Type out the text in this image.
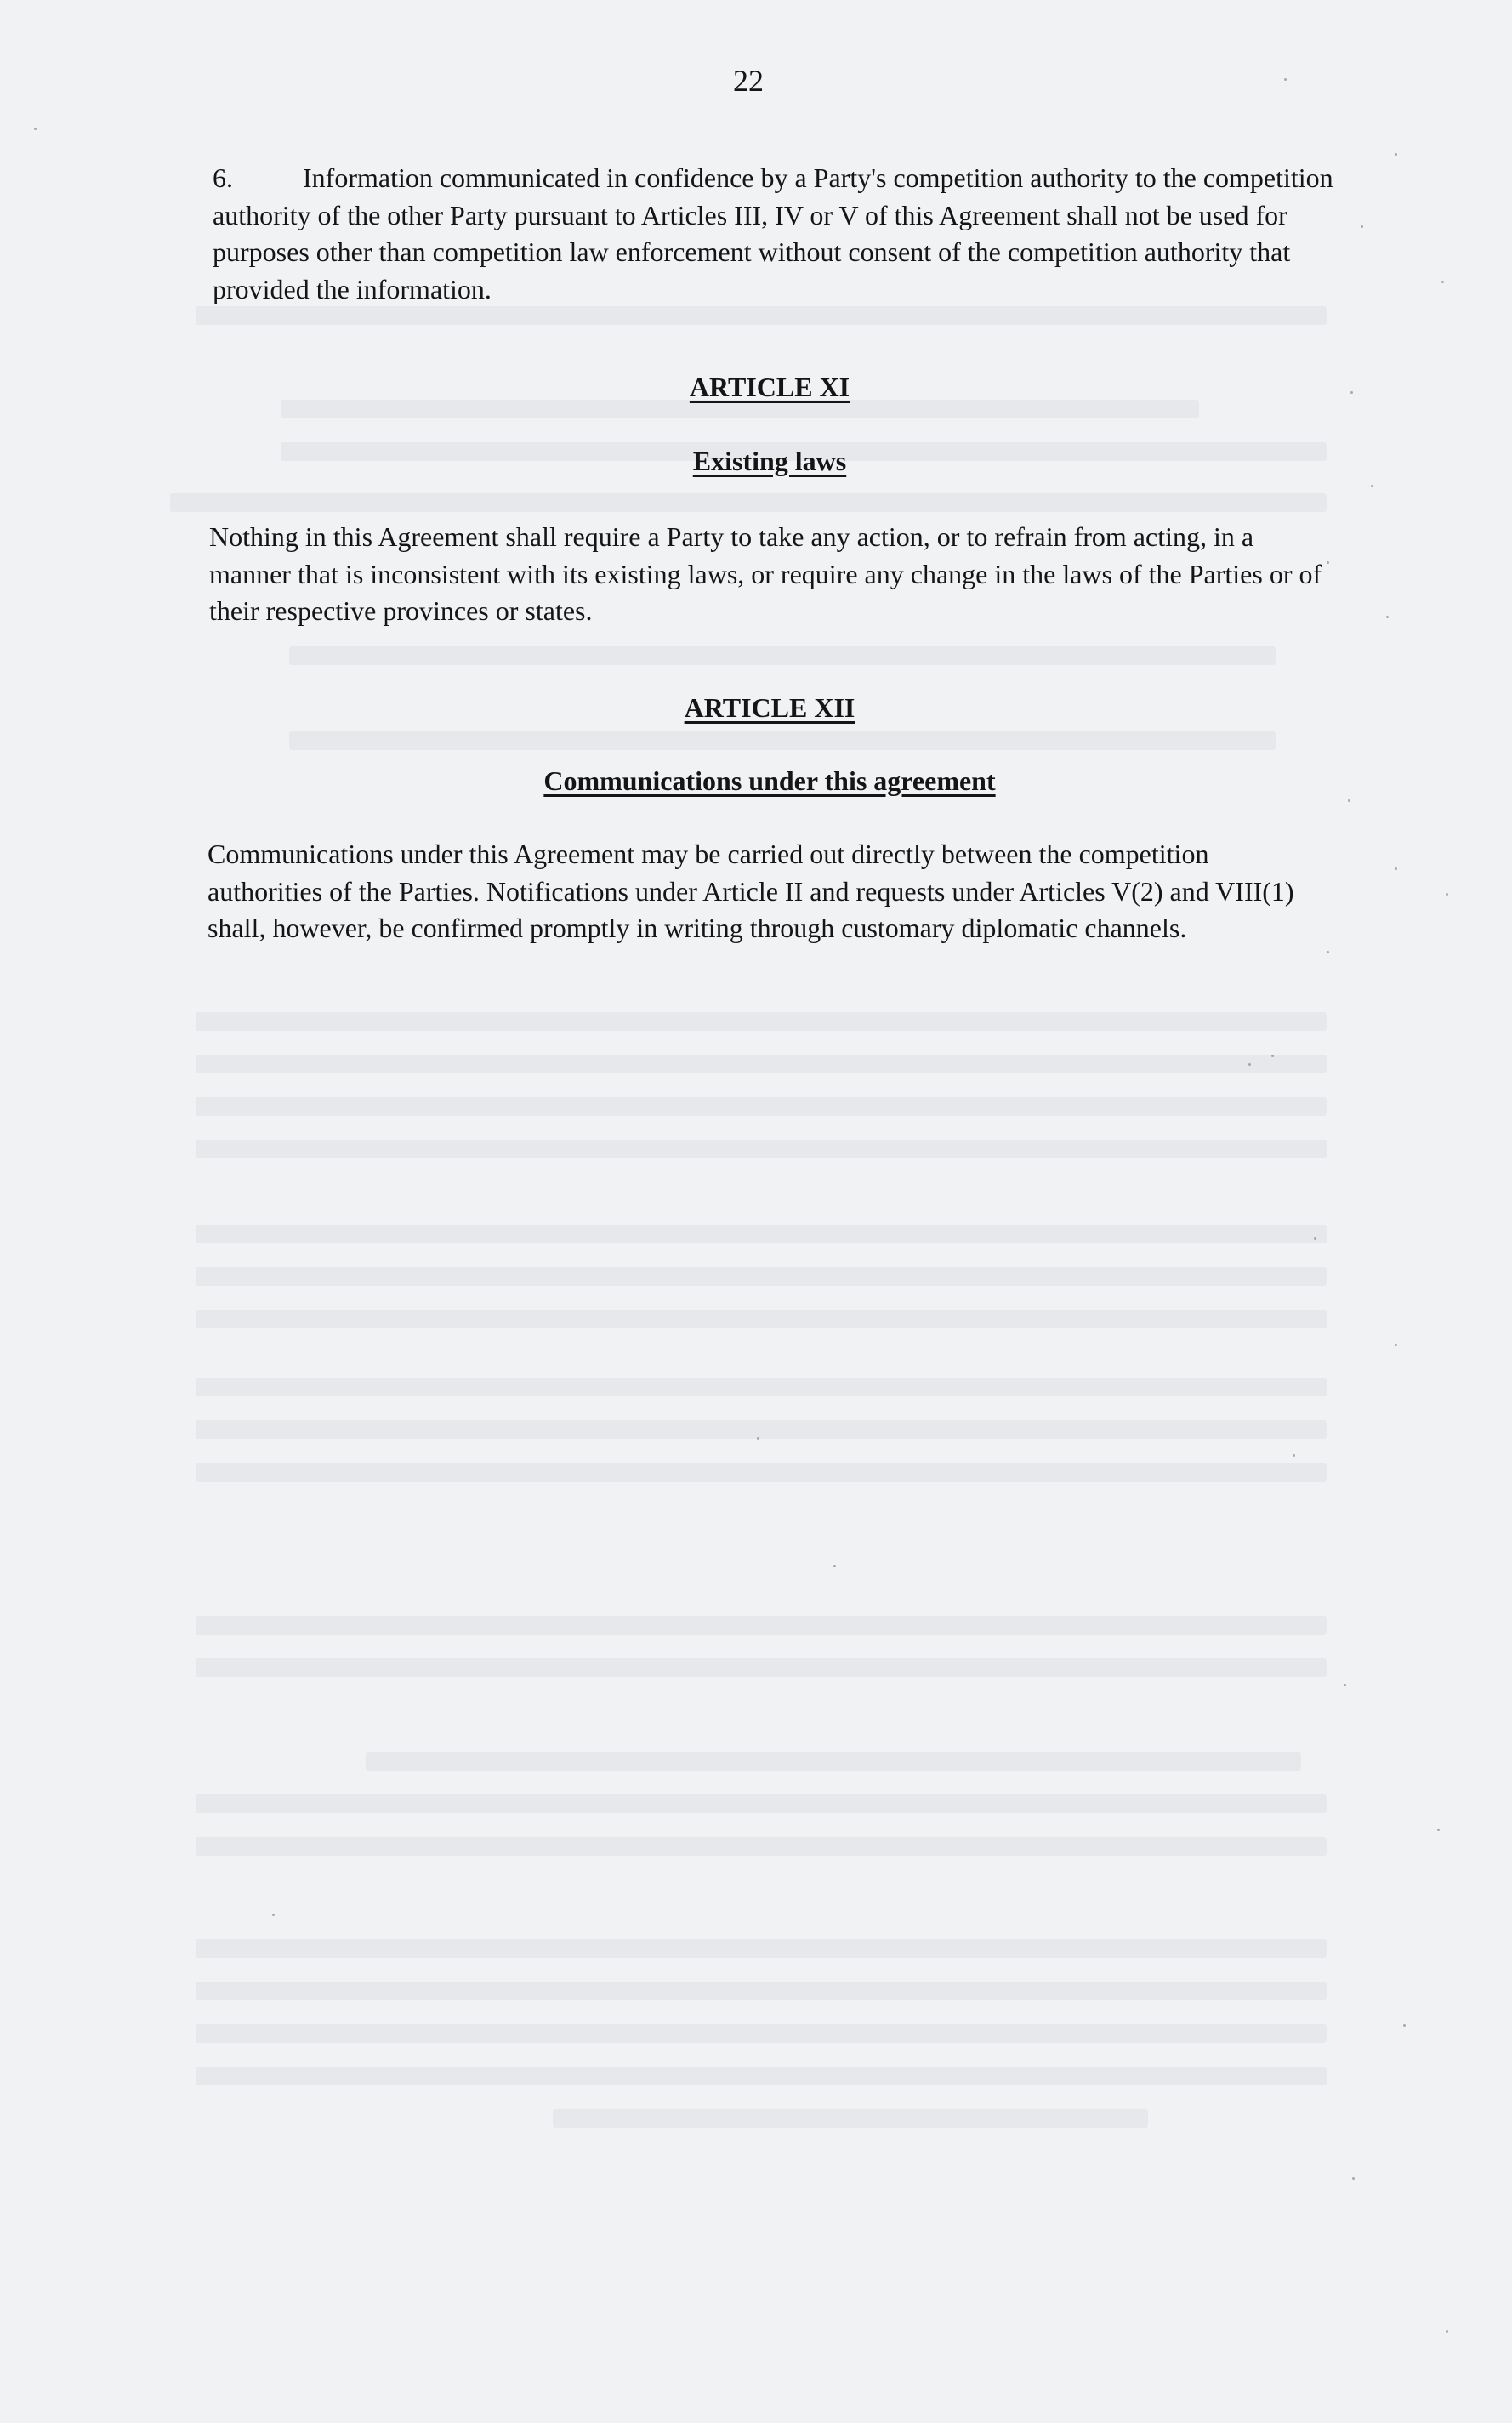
22

6.	Information communicated in confidence by a Party's competition authority to the competition authority of the other Party pursuant to Articles III, IV or V of this Agreement shall not be used for purposes other than competition law enforcement without consent of the competition authority that provided the information.

ARTICLE XI
Existing laws

Nothing in this Agreement shall require a Party to take any action, or to refrain from acting, in a manner that is inconsistent with its existing laws, or require any change in the laws of the Parties or of their respective provinces or states.

ARTICLE XII
Communications under this agreement

Communications under this Agreement may be carried out directly between the competition authorities of the Parties. Notifications under Article II and requests under Articles V(2) and VIII(1) shall, however, be confirmed promptly in writing through customary diplomatic channels.
